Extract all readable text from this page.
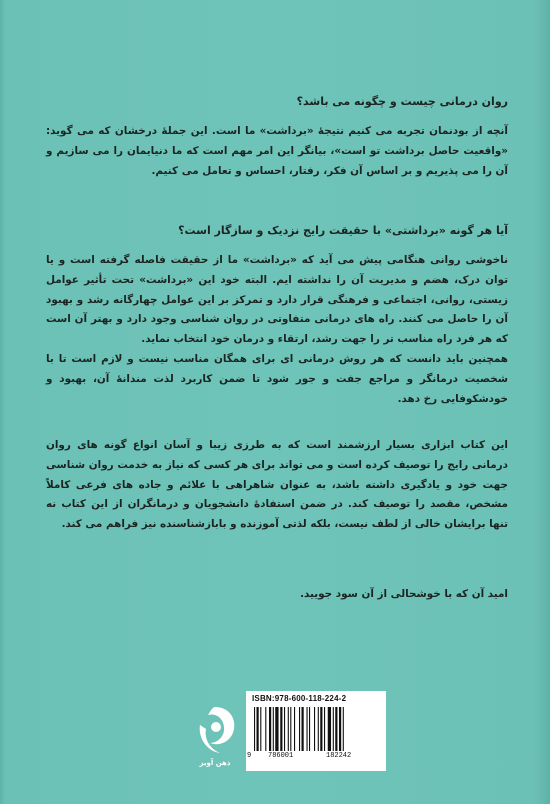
روان درمانی چیست و چگونه می باشد؟

آنچه از بودنمان تجربه می کنیم نتیجهٔ «برداشت» ما است. این جملهٔ درخشان که می گوید: «واقعیت حاصل برداشت تو است»، بیانگر این امر مهم است که ما دنیایمان را می سازیم و آن را می پذیریم و بر اساس آن فکر، رفتار، احساس و تعامل می کنیم.

آیا هر گونه «برداشتی» با حقیقت رایج نزدیک و سازگار است؟

ناخوشی روانی هنگامی پیش می آید که «برداشت» ما از حقیقت فاصله گرفته است و یا توان درک، هضم و مدیریت آن را نداشته ایم. البته خود این «برداشت» تحت تأثیر عوامل زیستی، روانی، اجتماعی و فرهنگی قرار دارد و تمرکز بر این عوامل چهارگانه رشد و بهبود آن را حاصل می کنند. راه های درمانی متفاوتی در روان شناسی وجود دارد و بهتر آن است که هر فرد راه مناسب تر را جهت رشد، ارتقاء و درمان خود انتخاب نماید.

همچنین باید دانست که هر روش درمانی ای برای همگان مناسب نیست و لازم است تا با شخصیت درمانگر و مراجع جفت و جور شود تا ضمن کاربرد لذت مندانهٔ آن، بهبود و خودشکوفایی رخ دهد.

این کتاب ابزاری بسیار ارزشمند است که به طرزی زیبا و آسان انواع گونه های روان درمانی رایج را توصیف کرده است و می تواند برای هر کسی که نیاز به خدمت روان شناسی جهت خود و یادگیری داشته باشد، به عنوان شاهراهی با علائم و جاده های فرعی کاملاً مشخص، مقصد را توصیف کند. در ضمن استفادهٔ دانشجویان و درمانگران از این کتاب نه تنها برایشان خالی از لطف نیست، بلکه لذتی آموزنده و بابازشناسنده نیز فراهم می کند.

امید آن که با خوشحالی از آن سود جویید.

ذهن آویز
ISBN:978-600-118-224-2
9 786001	182242
